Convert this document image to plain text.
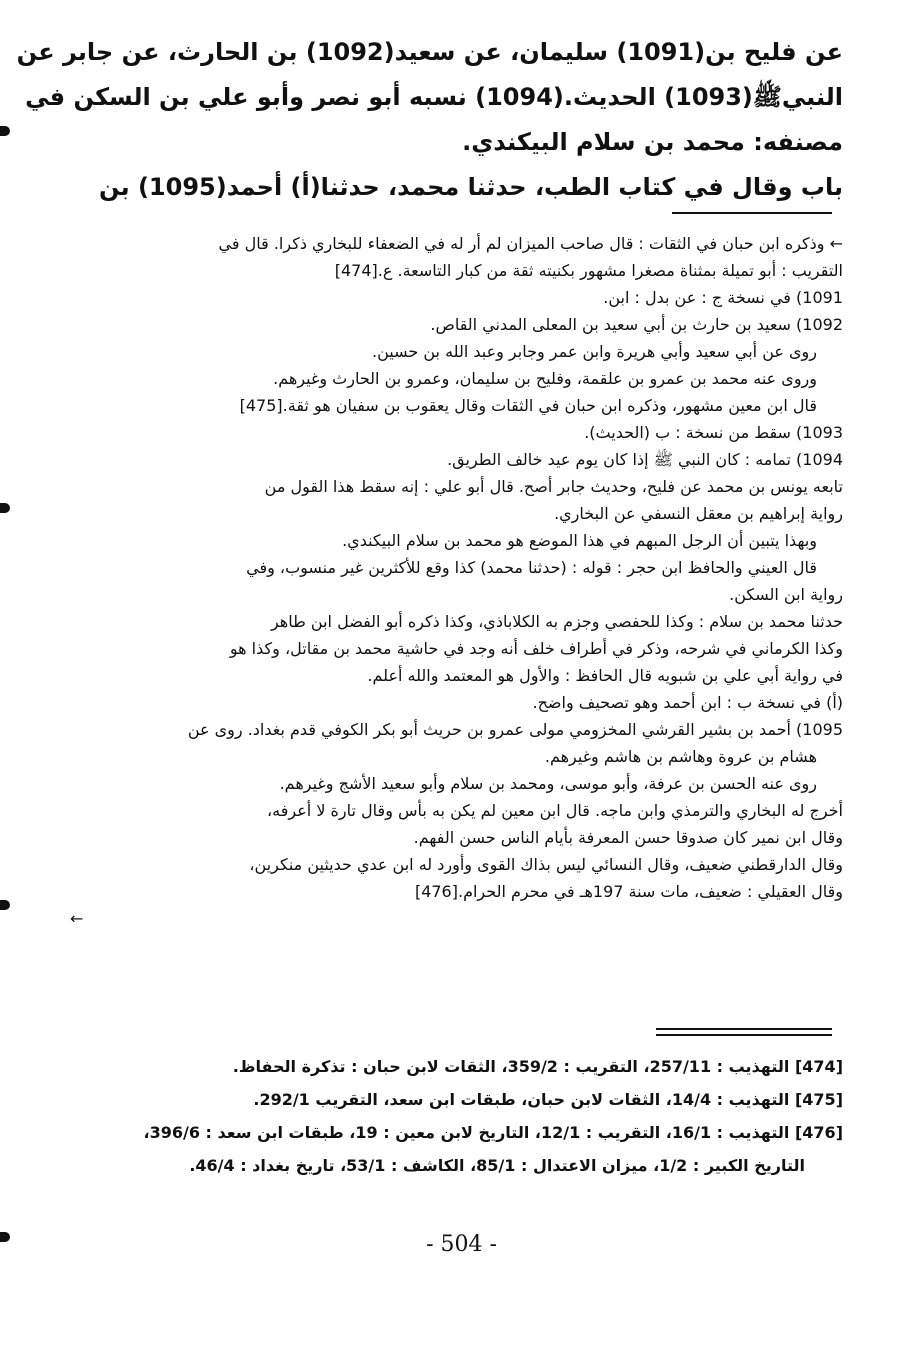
عن فليح بن(1091) سليمان، عن سعيد(1092) بن الحارث، عن جابر عن

النبيﷺ(1093) الحديث.(1094) نسبه أبو نصر وأبو علي بن السكن في

مصنفه: محمد بن سلام البيكندي.

باب وقال في كتاب الطب، حدثنا محمد، حدثنا(أ) أحمد(1095) بن

← وذكره ابن حبان في الثقات : قال صاحب الميزان لم أر له في الضعفاء للبخاري ذكرا. قال في
التقريب : أبو تميلة بمثناة مصغرا مشهور بكنيته ثقة من كبار التاسعة. ع.[474]
1091) في نسخة ج : عن بدل : ابن.
1092) سعيد بن حارث بن أبي سعيد بن المعلى المدني القاص.
روى عن أبي سعيد وأبي هريرة وابن عمر وجابر وعبد الله بن حسين.
وروى عنه محمد بن عمرو بن علقمة، وفليح بن سليمان، وعمرو بن الحارث وغيرهم.
قال ابن معين مشهور، وذكره ابن حبان في الثقات وقال يعقوب بن سفيان هو ثقة.[475]
1093) سقط من نسخة : ب (الحديث).
1094) تمامه : كان النبي ﷺ إذا كان يوم عيد خالف الطريق.
تابعه يونس بن محمد عن فليح، وحديث جابر أصح. قال أبو علي : إنه سقط هذا القول من
رواية إبراهيم بن معقل النسفي عن البخاري.
وبهذا يتبين أن الرجل المبهم في هذا الموضع هو محمد بن سلام البيكندي.
قال العيني والحافظ ابن حجر : قوله : (حدثنا محمد) كذا وقع للأكثرين غير منسوب، وفي
رواية ابن السكن.
حدثنا محمد بن سلام : وكذا للحفصي وجزم به الكلاباذي، وكذا ذكره أبو الفضل ابن طاهر
وكذا الكرماني في شرحه، وذكر في أطراف خلف أنه وجد في حاشية محمد بن مقاتل، وكذا هو
في رواية أبي علي بن شبويه قال الحافظ : والأول هو المعتمد والله أعلم.
(أ) في نسخة ب : ابن أحمد وهو تصحيف واضح.
1095) أحمد بن بشير القرشي المخزومي مولى عمرو بن حريث أبو بكر الكوفي قدم بغداد. روى عن
هشام بن عروة وهاشم بن هاشم وغيرهم.
روى عنه الحسن بن عرفة، وأبو موسى، ومحمد بن سلام وأبو سعيد الأشج وغيرهم.
أخرج له البخاري والترمذي وابن ماجه. قال ابن معين لم يكن به بأس وقال تارة لا أعرفه،
وقال ابن نمير كان صدوقا حسن المعرفة بأيام الناس حسن الفهم.
وقال الدارقطني ضعيف، وقال النسائي ليس بذاك القوى وأورد له ابن عدي حديثين منكرين،
وقال العقيلي : ضعيف، مات سنة 197هـ في محرم الحرام.[476]
←
[474] التهذيب : 257/11، التقريب : 359/2، الثقات لابن حبان : تذكرة الحفاظ.
[475] التهذيب : 14/4، الثقات لابن حبان، طبقات ابن سعد، التقريب 292/1.
[476] التهذيب : 16/1، التقريب : 12/1، التاريخ لابن معين : 19، طبقات ابن سعد : 396/6،
التاريخ الكبير : 1/2، ميزان الاعتدال : 85/1، الكاشف : 53/1، تاريخ بغداد : 46/4.
- 504 -
